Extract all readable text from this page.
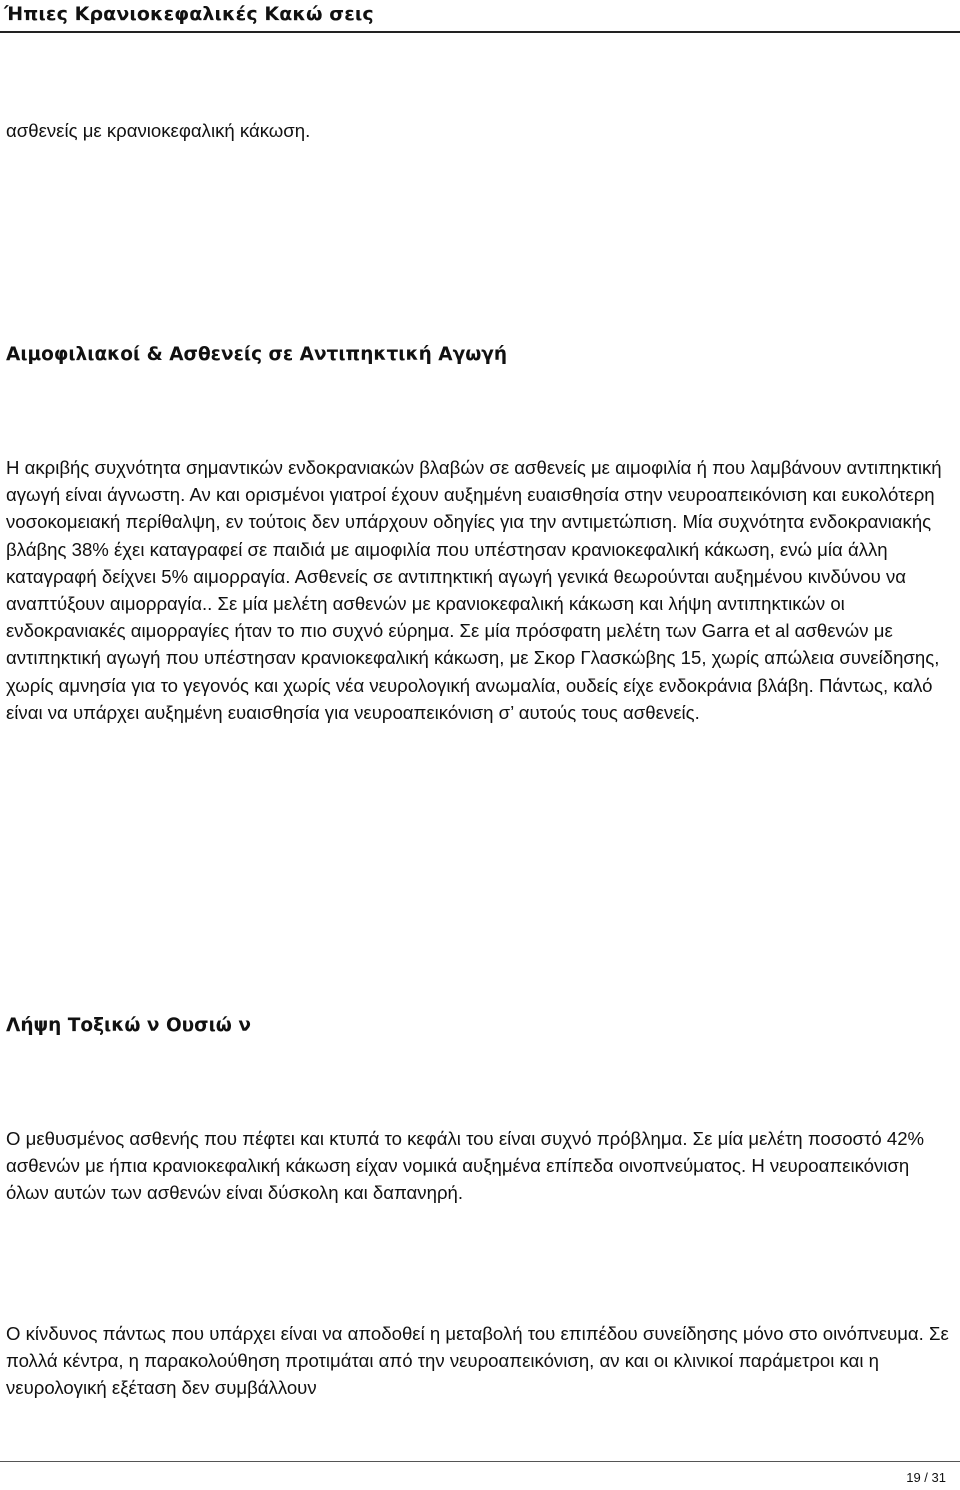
Ήπιες Κρανιοκεφαλικές Κακώ σεις

ασθενείς με κρανιοκεφαλική κάκωση.

Αιμοφιλιακοί & Ασθενείς σε Αντιπηκτική Αγωγή

Η ακριβής συχνότητα σημαντικών ενδοκρανιακών βλαβών σε ασθενείς με αιμοφιλία ή που λαμβάνουν αντιπηκτική αγωγή είναι άγνωστη. Αν και ορισμένοι γιατροί έχουν αυξημένη ευαισθησία στην νευροαπεικόνιση και ευκολότερη νοσοκομειακή περίθαλψη, εν τούτοις δεν υπάρχουν οδηγίες για την αντιμετώπιση. Μία συχνότητα ενδοκρανιακής βλάβης 38% έχει καταγραφεί σε παιδιά με αιμοφιλία που υπέστησαν κρανιοκεφαλική κάκωση, ενώ μία άλλη καταγραφή δείχνει 5% αιμορραγία. Ασθενείς σε αντιπηκτική αγωγή γενικά θεωρούνται αυξημένου κινδύνου να αναπτύξουν αιμορραγία.. Σε μία μελέτη ασθενών με κρανιοκεφαλική κάκωση και λήψη αντιπηκτικών οι ενδοκρανιακές αιμορραγίες ήταν το πιο συχνό εύρημα. Σε μία πρόσφατη μελέτη των Garra et al ασθενών με αντιπηκτική αγωγή που υπέστησαν κρανιοκεφαλική κάκωση, με Σκορ Γλασκώβης 15, χωρίς απώλεια συνείδησης, χωρίς αμνησία για το γεγονός και χωρίς νέα νευρολογική ανωμαλία, ουδείς είχε ενδοκράνια βλάβη. Πάντως, καλό είναι να υπάρχει αυξημένη ευαισθησία για νευροαπεικόνιση σ’ αυτούς τους ασθενείς.

Λήψη Τοξικώ ν Ουσιώ ν

Ο μεθυσμένος ασθενής που πέφτει και κτυπά το κεφάλι του είναι συχνό πρόβλημα. Σε μία μελέτη ποσοστό 42% ασθενών με ήπια κρανιοκεφαλική κάκωση είχαν νομικά αυξημένα επίπεδα οινοπνεύματος. Η νευροαπεικόνιση όλων αυτών των ασθενών είναι δύσκολη και δαπανηρή.

Ο κίνδυνος πάντως που υπάρχει είναι να αποδοθεί η μεταβολή του επιπέδου συνείδησης μόνο στο οινόπνευμα. Σε πολλά κέντρα, η παρακολούθηση προτιμάται από την νευροαπεικόνιση, αν και οι κλινικοί παράμετροι και η νευρολογική εξέταση δεν συμβάλλουν

19 / 31
